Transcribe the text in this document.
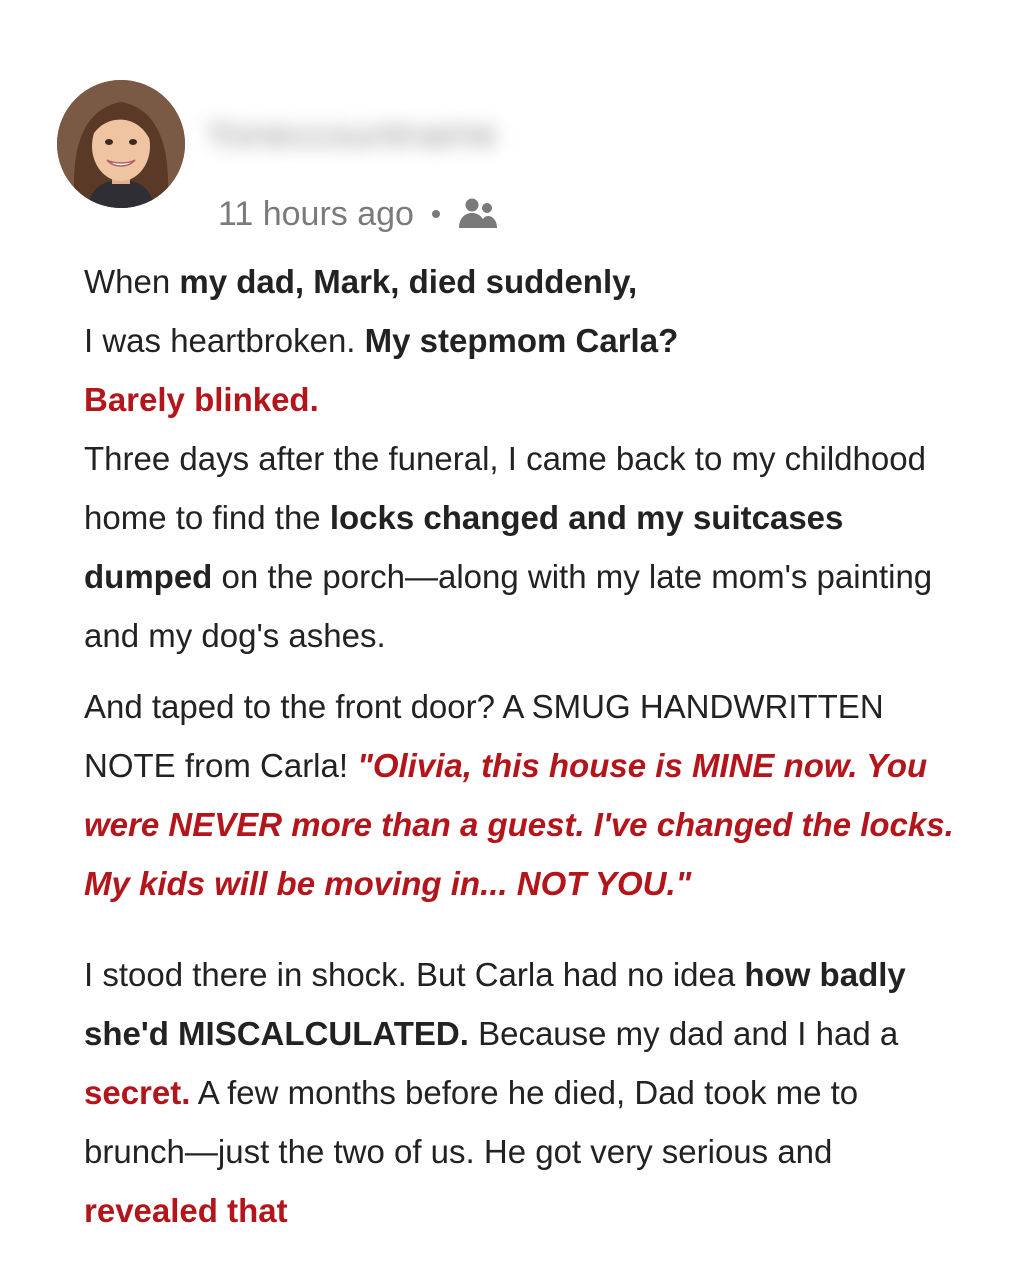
Yoneccountname
11 hours ago

When my dad, Mark, died suddenly,
I was heartbroken. My stepmom Carla?
Barely blinked.

Three days after the funeral, I came back to my childhood home to find the locks changed and my suitcases dumped on the porch—along with my late mom's painting and my dog's ashes.

And taped to the front door? A SMUG HANDWRITTEN NOTE from Carla! "Olivia, this house is MINE now. You were NEVER more than a guest. I've changed the locks. My kids will be moving in... NOT YOU."

I stood there in shock. But Carla had no idea how badly she'd MISCALCULATED. Because my dad and I had a secret. A few months before he died, Dad took me to brunch—just the two of us. He got very serious and revealed that
